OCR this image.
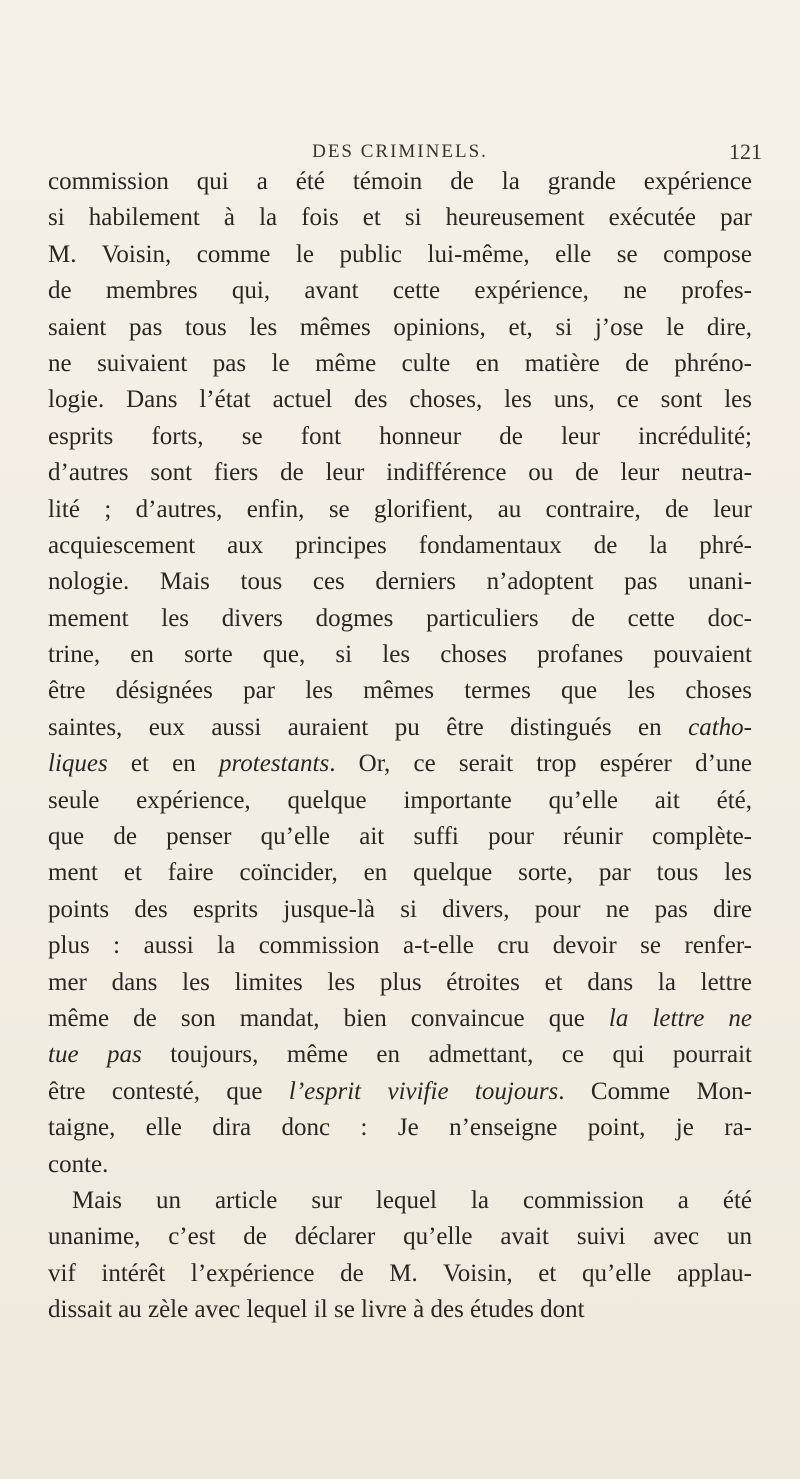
DES CRIMINELS.	121
commission qui a été témoin de la grande expérience
si habilement à la fois et si heureusement exécutée par
M. Voisin, comme le public lui-même, elle se compose
de membres qui, avant cette expérience, ne profes-
saient pas tous les mêmes opinions, et, si j’ose le dire,
ne suivaient pas le même culte en matière de phréno-
logie. Dans l’état actuel des choses, les uns, ce sont les
esprits forts, se font honneur de leur incrédulité;
d’autres sont fiers de leur indifférence ou de leur neutra-
lité ; d’autres, enfin, se glorifient, au contraire, de leur
acquiescement aux principes fondamentaux de la phré-
nologie. Mais tous ces derniers n’adoptent pas unani-
mement les divers dogmes particuliers de cette doc-
trine, en sorte que, si les choses profanes pouvaient
être désignées par les mêmes termes que les choses
saintes, eux aussi auraient pu être distingués en catho-
liques et en protestants. Or, ce serait trop espérer d’une
seule expérience, quelque importante qu’elle ait été,
que de penser qu’elle ait suffi pour réunir complète-
ment et faire coïncider, en quelque sorte, par tous les
points des esprits jusque-là si divers, pour ne pas dire
plus : aussi la commission a-t-elle cru devoir se renfer-
mer dans les limites les plus étroites et dans la lettre
même de son mandat, bien convaincue que la lettre ne
tue pas toujours, même en admettant, ce qui pourrait
être contesté, que l’esprit vivifie toujours. Comme Mon-
taigne, elle dira donc : Je n’enseigne point, je ra-
conte.
Mais un article sur lequel la commission a été
unanime, c’est de déclarer qu’elle avait suivi avec un
vif intérêt l’expérience de M. Voisin, et qu’elle applau-
dissait au zèle avec lequel il se livre à des études dont
